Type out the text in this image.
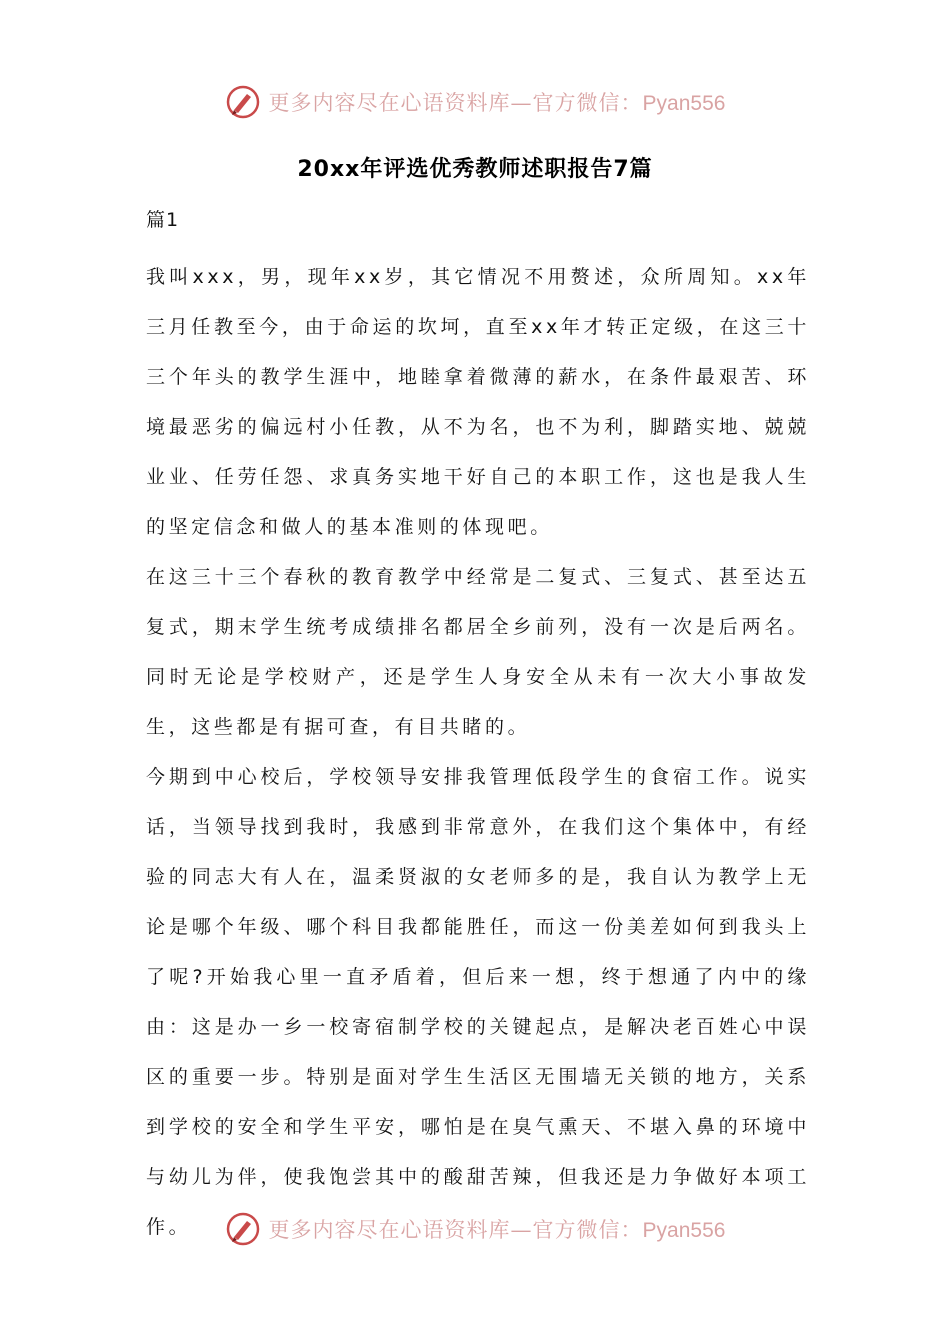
更多内容尽在心语资料库—官方微信：Pyan556
20xx年评选优秀教师述职报告7篇
篇1

我叫xxx，男，现年xx岁，其它情况不用赘述，众所周知。xx年三月任教至今，由于命运的坎坷，直至xx年才转正定级，在这三十三个年头的教学生涯中，地睦拿着微薄的薪水，在条件最艰苦、环境最恶劣的偏远村小任教，从不为名，也不为利，脚踏实地、兢兢业业、任劳任怨、求真务实地干好自己的本职工作，这也是我人生的坚定信念和做人的基本准则的体现吧。

在这三十三个春秋的教育教学中经常是二复式、三复式、甚至达五复式，期末学生统考成绩排名都居全乡前列，没有一次是后两名。同时无论是学校财产，还是学生人身安全从未有一次大小事故发生，这些都是有据可查，有目共睹的。

今期到中心校后，学校领导安排我管理低段学生的食宿工作。说实话，当领导找到我时，我感到非常意外，在我们这个集体中，有经验的同志大有人在，温柔贤淑的女老师多的是，我自认为教学上无论是哪个年级、哪个科目我都能胜任，而这一份美差如何到我头上了呢?开始我心里一直矛盾着，但后来一想，终于想通了内中的缘由：这是办一乡一校寄宿制学校的关键起点，是解决老百姓心中误区的重要一步。特别是面对学生生活区无围墙无关锁的地方，关系到学校的安全和学生平安，哪怕是在臭气熏天、不堪入鼻的环境中与幼儿为伴，使我饱尝其中的酸甜苦辣，但我还是力争做好本项工作。	更多内容尽在心语资料库—官方微信：Pyan556
